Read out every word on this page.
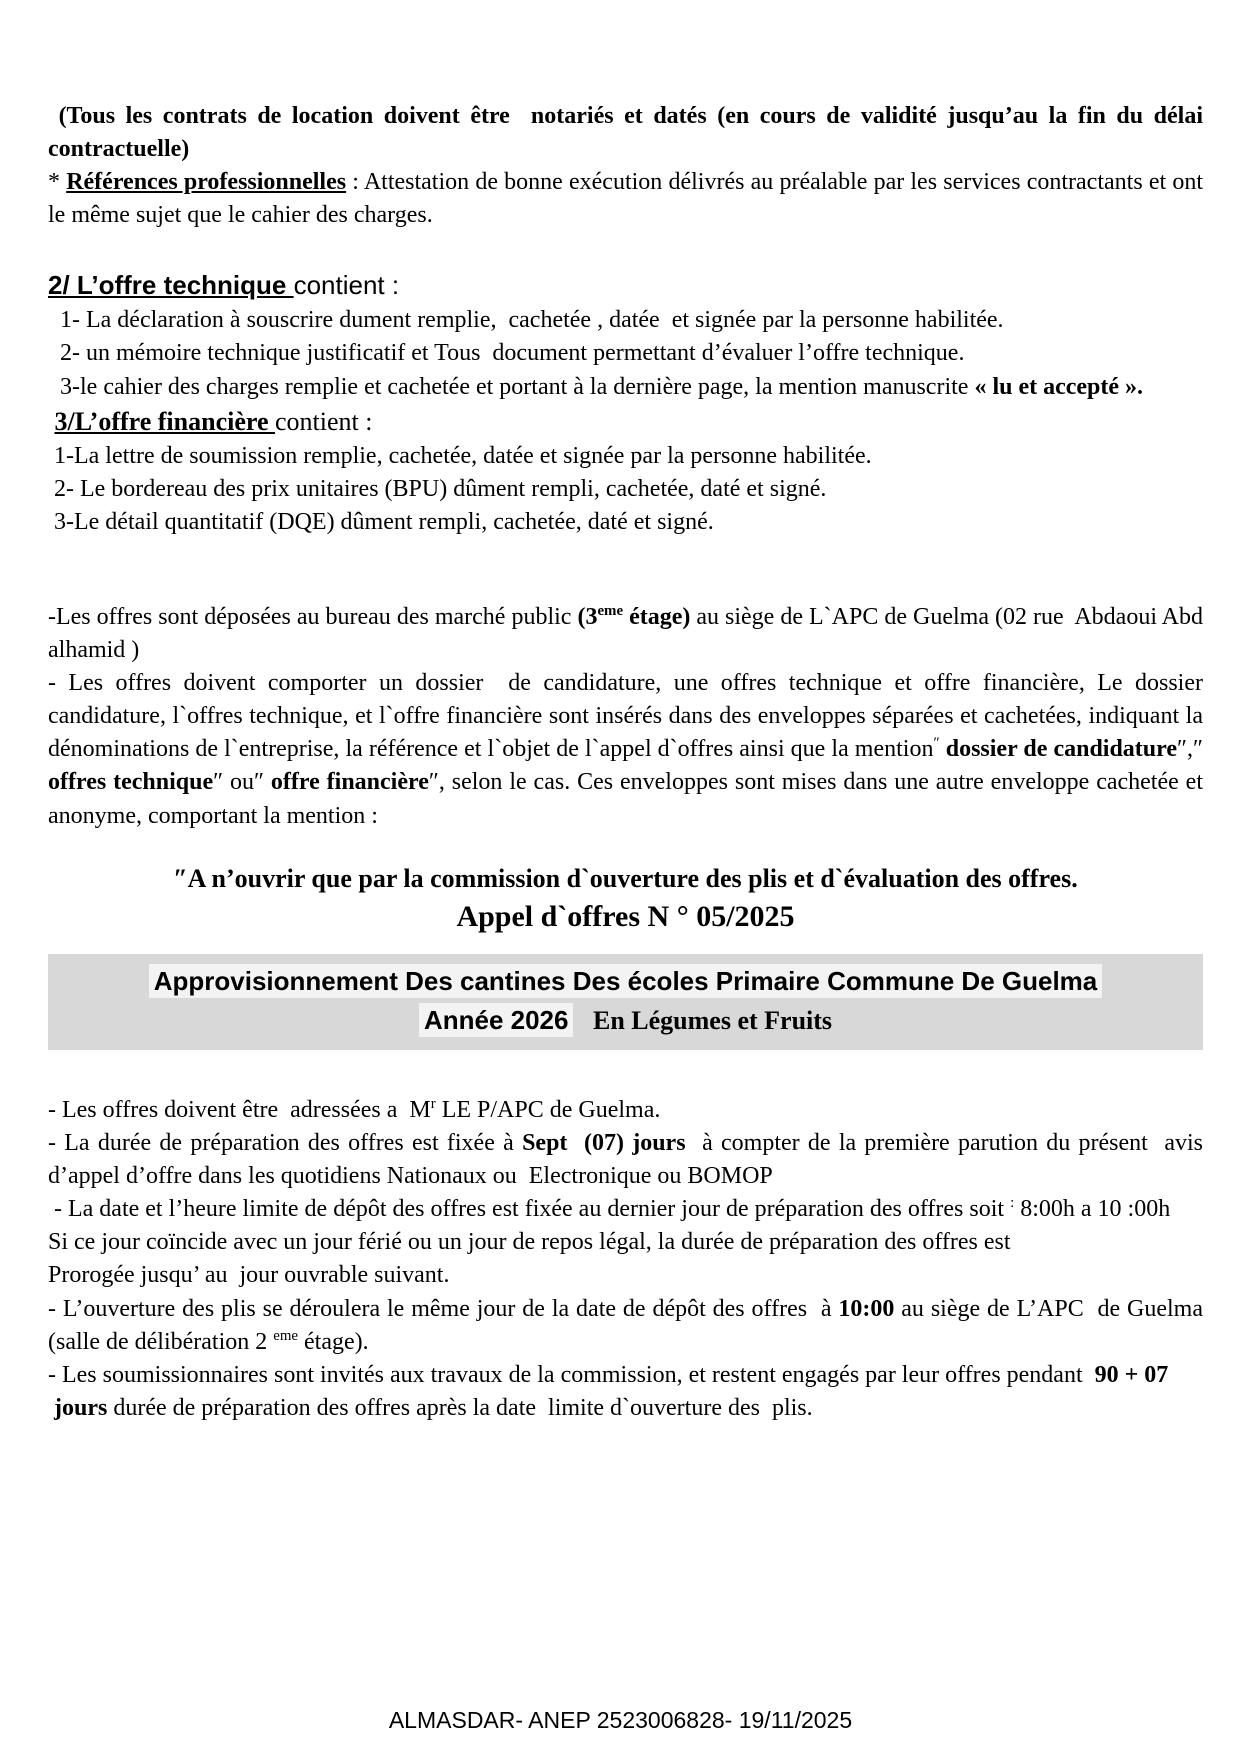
(Tous les contrats de location doivent être  notariés et datés (en cours de validité jusqu’au la fin du délai contractuelle)
* Références professionnelles : Attestation de bonne exécution délivrés au préalable par les services contractants et ont le même sujet que le cahier des charges.
2/ L’offre technique contient :
1- La déclaration à souscrire dument remplie,  cachetée , datée  et signée par la personne habilitée.
2- un mémoire technique justificatif et Tous  document permettant d’évaluer l’offre technique.
3-le cahier des charges remplie et cachetée et portant à la dernière page, la mention manuscrite « lu et accepté ».
3/L’offre financière contient :
1-La lettre de soumission remplie, cachetée, datée et signée par la personne habilitée.
2- Le bordereau des prix unitaires (BPU) dûment rempli, cachetée, daté et signé.
3-Le détail quantitatif (DQE) dûment rempli, cachetée, daté et signé.
-Les offres sont déposées au bureau des marché public (3eme étage) au siège de L`APC de Guelma (02 rue  Abdaoui Abd alhamid )
- Les offres doivent comporter un dossier  de candidature, une offres technique et offre financière, Le dossier candidature, l`offres technique, et l`offre financière sont insérés dans des enveloppes séparées et cachetées, indiquant la dénominations de l`entreprise, la référence et l`objet de l`appel d`offres ainsi que la mention″ dossier de candidature″,″ offres technique″ ou″ offre financière″, selon le cas. Ces enveloppes sont mises dans une autre enveloppe cachetée et anonyme, comportant la mention :
″A n’ouvrir que par la commission d`ouverture des plis et d`évaluation des offres.
Appel d`offres N ° 05/2025
Approvisionnement Des cantines Des écoles Primaire Commune De Guelma
Année 2026 En Légumes et Fruits
- Les offres doivent être  adressées a  $M^r$ LE P/APC de Guelma.
- La durée de préparation des offres est fixée à Sept  (07) jours  à compter de la première parution du présent  avis d’appel d’offre dans les quotidiens Nationaux ou  Electronique ou BOMOP
- La date et l’heure limite de dépôt des offres est fixée au dernier jour de préparation des offres soit : 8:00h a 10 :00h
Si ce jour coïncide avec un jour férié ou un jour de repos légal, la durée de préparation des offres est
Prorogée jusqu’ au  jour ouvrable suivant.
- L’ouverture des plis se déroulera le même jour de la date de dépôt des offres  à 10:00 au siège de L’APC  de Guelma (salle de délibération 2 $^{eme}$ étage).
- Les soumissionnaires sont invités aux travaux de la commission, et restent engagés par leur offres pendant  90 + 07
jours durée de préparation des offres après la date  limite d`ouverture des  plis.
ALMASDAR- ANEP 2523006828- 19/11/2025
